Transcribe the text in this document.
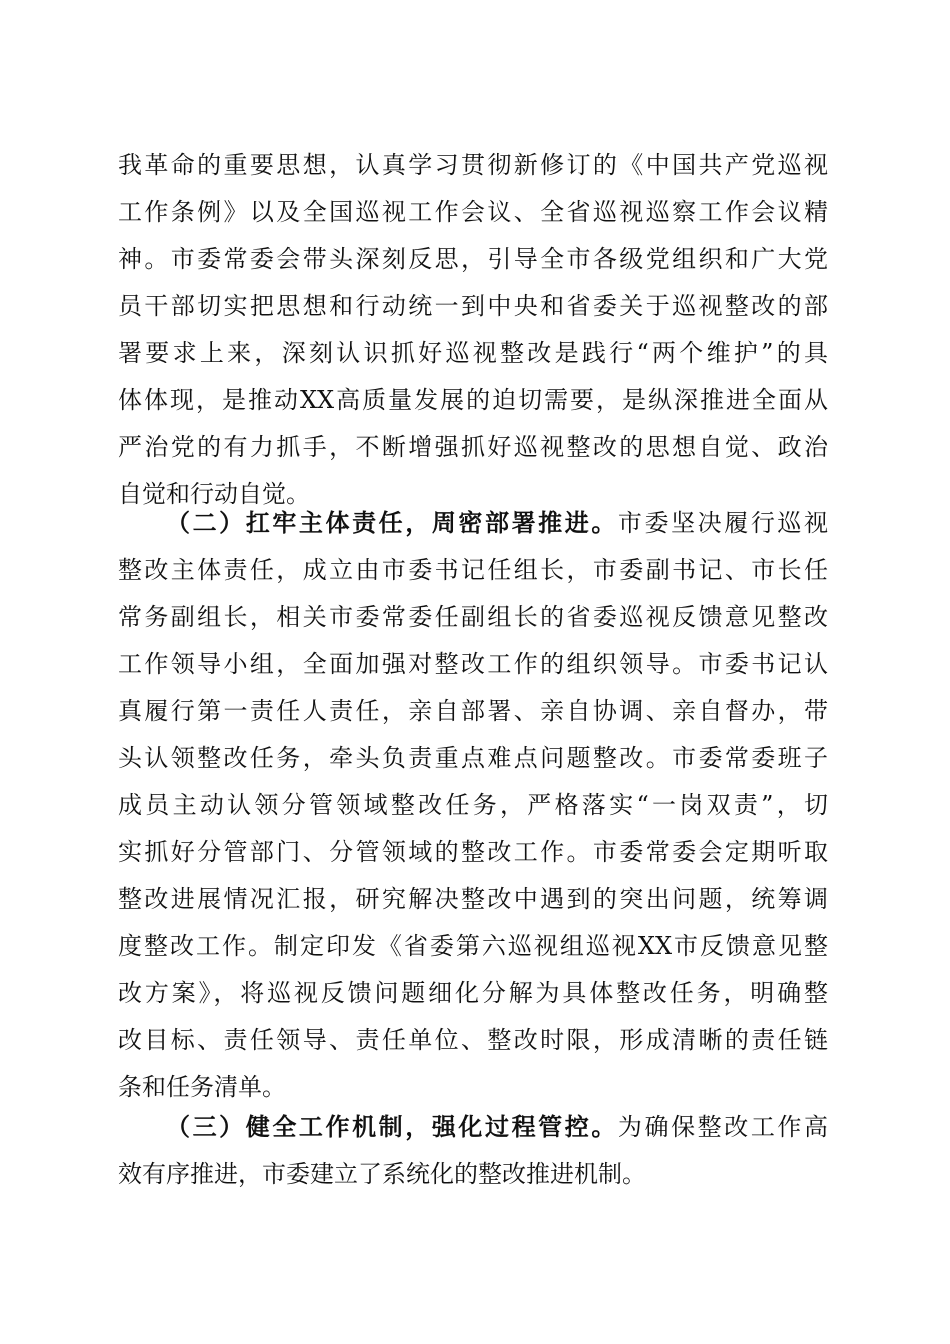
我革命的重要思想，认真学习贯彻新修订的《中国共产党巡视
工作条例》以及全国巡视工作会议、全省巡视巡察工作会议精
神。市委常委会带头深刻反思，引导全市各级党组织和广大党
员干部切实把思想和行动统一到中央和省委关于巡视整改的部
署要求上来，深刻认识抓好巡视整改是践行“两个维护”的具
体体现，是推动XX高质量发展的迫切需要，是纵深推进全面从
严治党的有力抓手，不断增强抓好巡视整改的思想自觉、政治
自觉和行动自觉。
（二）扛牢主体责任，周密部署推进。市委坚决履行巡视
整改主体责任，成立由市委书记任组长，市委副书记、市长任
常务副组长，相关市委常委任副组长的省委巡视反馈意见整改
工作领导小组，全面加强对整改工作的组织领导。市委书记认
真履行第一责任人责任，亲自部署、亲自协调、亲自督办，带
头认领整改任务，牵头负责重点难点问题整改。市委常委班子
成员主动认领分管领域整改任务，严格落实“一岗双责”，切
实抓好分管部门、分管领域的整改工作。市委常委会定期听取
整改进展情况汇报，研究解决整改中遇到的突出问题，统筹调
度整改工作。制定印发《省委第六巡视组巡视XX市反馈意见整
改方案》，将巡视反馈问题细化分解为具体整改任务，明确整
改目标、责任领导、责任单位、整改时限，形成清晰的责任链
条和任务清单。
（三）健全工作机制，强化过程管控。为确保整改工作高
效有序推进，市委建立了系统化的整改推进机制。
